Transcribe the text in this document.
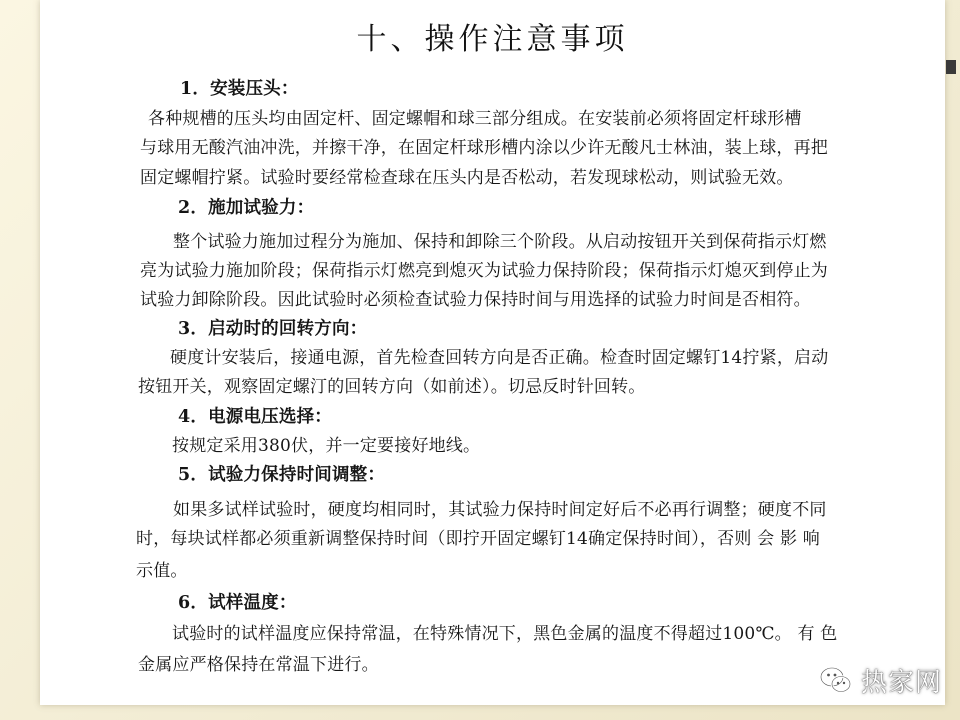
十、操作注意事项
1．安装压头：
各种规槽的压头均由固定杆、固定螺帽和球三部分组成。在安装前必须将固定杆球形槽
与球用无酸汽油冲洗，并擦干净，在固定杆球形槽内涂以少许无酸凡士林油，装上球，再把
固定螺帽拧紧。试验时要经常检查球在压头内是否松动，若发现球松动，则试验无效。
2．施加试验力：
整个试验力施加过程分为施加、保持和卸除三个阶段。从启动按钮开关到保荷指示灯燃
亮为试验力施加阶段；保荷指示灯燃亮到熄灭为试验力保持阶段；保荷指示灯熄灭到停止为
试验力卸除阶段。因此试验时必须检查试验力保持时间与用选择的试验力时间是否相符。
3．启动时的回转方向：
硬度计安装后，接通电源，首先检查回转方向是否正确。检查时固定螺钉14拧紧，启动
按钮开关，观察固定螺汀的回转方向（如前述）。切忌反时针回转。
4．电源电压选择：
按规定采用380伏，并一定要接好地线。
5．试验力保持时间调整：
如果多试样试验时，硬度均相同时，其试验力保持时间定好后不必再行调整；硬度不同
时，每块试样都必须重新调整保持时间（即拧开固定螺钉14确定保持时间），否则 会 影 响
示值。
6．试样温度：
试验时的试样温度应保持常温，在特殊情况下，黑色金属的温度不得超过100℃。 有 色
金属应严格保持在常温下进行。
热家网
